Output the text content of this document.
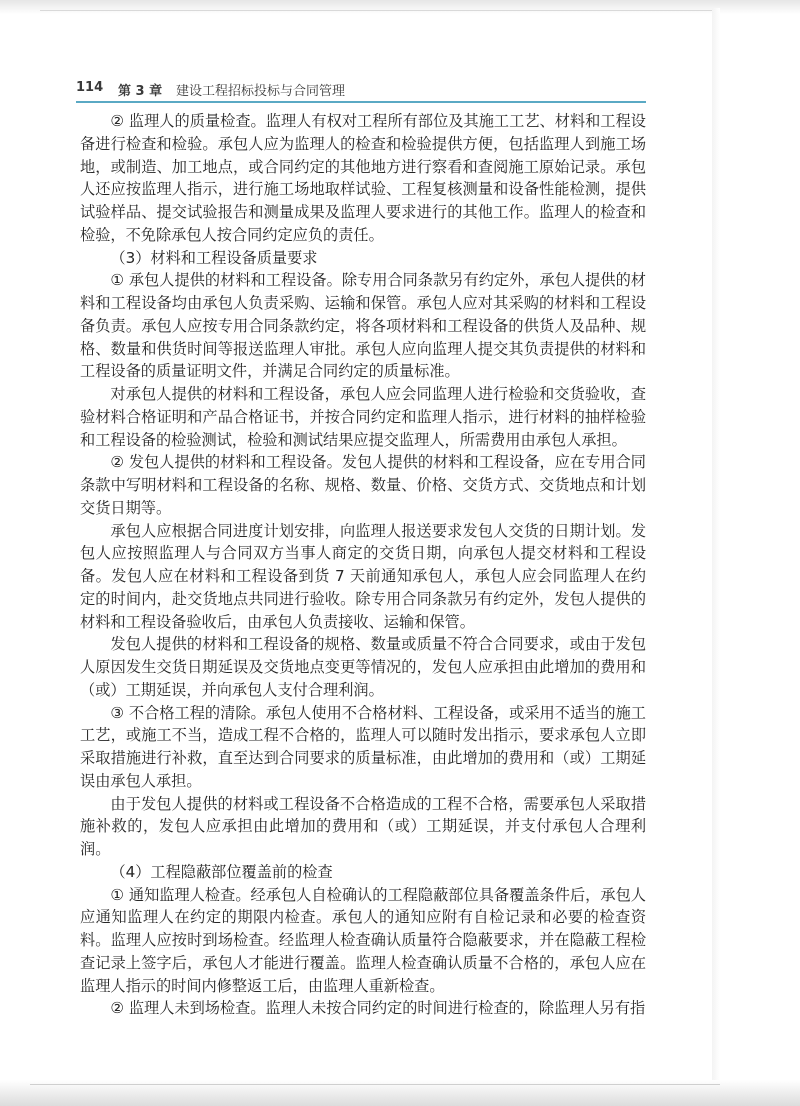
114 第 3 章 建设工程招标投标与合同管理

② 监理人的质量检查。监理人有权对工程所有部位及其施工工艺、材料和工程设备进行检查和检验。承包人应为监理人的检查和检验提供方便，包括监理人到施工场地，或制造、加工地点，或合同约定的其他地方进行察看和查阅施工原始记录。承包人还应按监理人指示，进行施工场地取样试验、工程复核测量和设备性能检测，提供试验样品、提交试验报告和测量成果及监理人要求进行的其他工作。监理人的检查和检验，不免除承包人按合同约定应负的责任。

（3）材料和工程设备质量要求

① 承包人提供的材料和工程设备。除专用合同条款另有约定外，承包人提供的材料和工程设备均由承包人负责采购、运输和保管。承包人应对其采购的材料和工程设备负责。承包人应按专用合同条款约定，将各项材料和工程设备的供货人及品种、规格、数量和供货时间等报送监理人审批。承包人应向监理人提交其负责提供的材料和工程设备的质量证明文件，并满足合同约定的质量标准。

对承包人提供的材料和工程设备，承包人应会同监理人进行检验和交货验收，查验材料合格证明和产品合格证书，并按合同约定和监理人指示，进行材料的抽样检验和工程设备的检验测试，检验和测试结果应提交监理人，所需费用由承包人承担。

② 发包人提供的材料和工程设备。发包人提供的材料和工程设备，应在专用合同条款中写明材料和工程设备的名称、规格、数量、价格、交货方式、交货地点和计划交货日期等。

承包人应根据合同进度计划安排，向监理人报送要求发包人交货的日期计划。发包人应按照监理人与合同双方当事人商定的交货日期，向承包人提交材料和工程设备。发包人应在材料和工程设备到货 7 天前通知承包人，承包人应会同监理人在约定的时间内，赴交货地点共同进行验收。除专用合同条款另有约定外，发包人提供的材料和工程设备验收后，由承包人负责接收、运输和保管。

发包人提供的材料和工程设备的规格、数量或质量不符合合同要求，或由于发包人原因发生交货日期延误及交货地点变更等情况的，发包人应承担由此增加的费用和（或）工期延误，并向承包人支付合理利润。

③ 不合格工程的清除。承包人使用不合格材料、工程设备，或采用不适当的施工工艺，或施工不当，造成工程不合格的，监理人可以随时发出指示，要求承包人立即采取措施进行补救，直至达到合同要求的质量标准，由此增加的费用和（或）工期延误由承包人承担。

由于发包人提供的材料或工程设备不合格造成的工程不合格，需要承包人采取措施补救的，发包人应承担由此增加的费用和（或）工期延误，并支付承包人合理利润。

（4）工程隐蔽部位覆盖前的检查

① 通知监理人检查。经承包人自检确认的工程隐蔽部位具备覆盖条件后，承包人应通知监理人在约定的期限内检查。承包人的通知应附有自检记录和必要的检查资料。监理人应按时到场检查。经监理人检查确认质量符合隐蔽要求，并在隐蔽工程检查记录上签字后，承包人才能进行覆盖。监理人检查确认质量不合格的，承包人应在监理人指示的时间内修整返工后，由监理人重新检查。

② 监理人未到场检查。监理人未按合同约定的时间进行检查的，除监理人另有指
